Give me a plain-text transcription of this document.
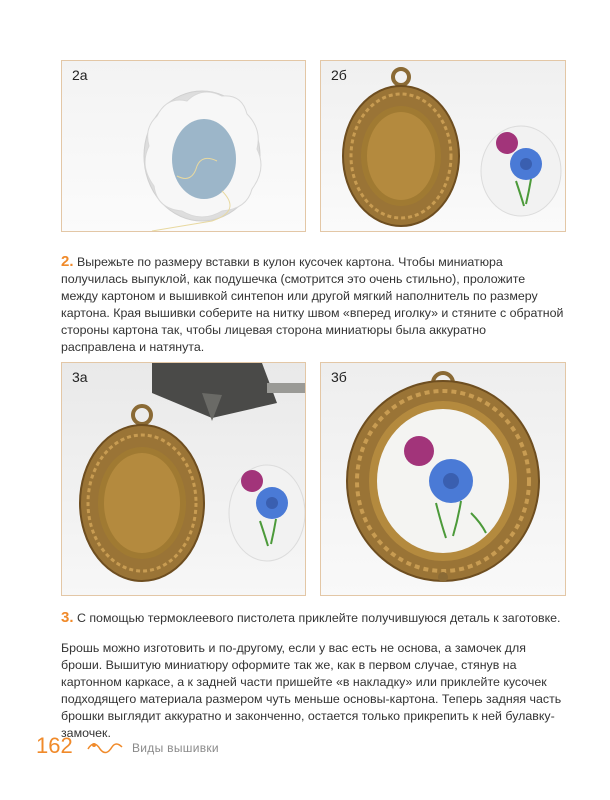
2а	2б
2. Вырежьте по размеру вставки в кулон кусочек картона. Чтобы миниатюра получилась выпуклой, как подушечка (смотрится это очень стильно), проложите между картоном и вышивкой синтепон или другой мягкий наполнитель по размеру картона. Края вышивки соберите на нитку швом «вперед иголку» и стяните с обратной стороны картона так, чтобы лицевая сторона миниатюры была аккуратно расправлена и натянута.
3а	3б
3. С помощью термоклеевого пистолета приклейте получившуюся деталь к заготовке.
Брошь можно изготовить и по-другому, если у вас есть не основа, а замочек для броши. Вышитую миниатюру оформите так же, как в первом случае, стянув на картонном каркасе, а к задней части пришейте «в накладку» или приклейте кусочек подходящего материала размером чуть меньше основы-картона. Теперь задняя часть брошки выглядит аккуратно и законченно, остается только прикрепить к ней булавку-замочек.
162	Виды вышивки
